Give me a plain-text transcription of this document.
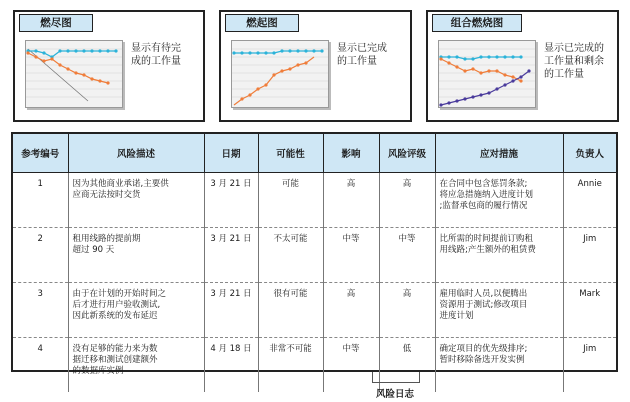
燃尽图
显示有待完
成的工作量
燃起图
显示已完成
的工作量
组合燃烧图
显示已完成的
工作量和剩余
的工作量
参考编号	风险描述	日期	可能性	影响	风险评级	应对措施	负责人
1	因为其他商业承诺,主要供
应商无法按时交货	3 月 21 日	可能	高	高	在合同中包含惩罚条款;
将应急措施纳入进度计划
;监督承包商的履行情况	Annie
2	租用线路的提前期
超过 90 天	3 月 21 日	不太可能	中等	中等	比所需的时间提前订购租
用线路;产生额外的租赁费	Jim
3	由于在计划的开始时间之
后才进行用户验收测试,
因此新系统的发布延迟	3 月 21 日	很有可能	高	高	雇用临时人员,以便腾出
资源用于测试;修改项目
进度计划	Mark
4	没有足够的能力来为数
据迁移和测试创建额外
的数据库实例	4 月 18 日	非常不可能	中等	低	确定项目的优先级排序;
暂时移除备选开发实例	Jim
风险日志
